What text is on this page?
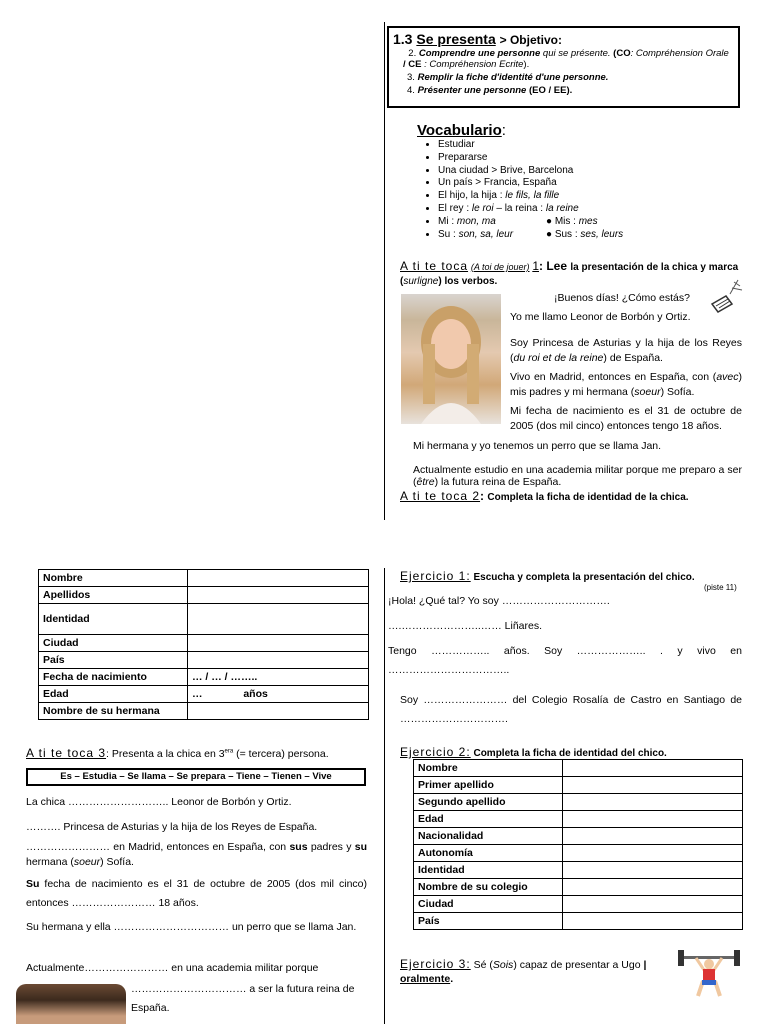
1.3 Se presenta > Objetivo:
2. Comprendre une personne qui se présente. (CO: Compréhension Orale / CE : Compréhension Ecrite).
3. Remplir la fiche d'identité d'une personne.
4. Présenter une personne (EO / EE).
Vocabulario:
• Estudiar
• Prepararse
• Una ciudad > Brive, Barcelona
• Un país > Francia, España
• El hijo, la hija : le fils, la fille
• El rey : le roi – la reina : la reine
• Mi : mon, ma	● Mis : mes
• Su : son, sa, leur	● Sus : ses, leurs
A ti te toca (A toi de jouer) 1: Lee la presentación de la chica y marca (surligne) los verbos.
¡Buenos días! ¿Cómo estás?
Yo me llamo Leonor de Borbón y Ortiz.
Soy Princesa de Asturias y la hija de los Reyes (du roi et de la reine) de España.
Vivo en Madrid, entonces en España, con (avec) mis padres y mi hermana (soeur) Sofía.
Mi fecha de nacimiento es el 31 de octubre de 2005 (dos mil cinco) entonces tengo 18 años.
Mi hermana y yo tenemos un perro que se llama Jan.
Actualmente estudio en una academia militar porque me preparo a ser (être) la futura reina de España.
A ti te toca 2: Completa la ficha de identidad de la chica.
Nombre	
Apellidos	
Identidad	
Ciudad	
País	
Fecha de nacimiento	… / … / ……..
Edad	…              años
Nombre de su hermana	
A ti te toca 3: Presenta a la chica en $3^{era}$ (= tercera) persona.
Es – Estudia – Se llama – Se prepara – Tiene – Tienen – Vive
La chica ……………………….. Leonor de Borbón y Ortiz.
………. Princesa de Asturias y la hija de los Reyes de España.
…………………… en Madrid, entonces en España, con sus padres y su hermana (soeur) Sofía.
Su fecha de nacimiento es el 31 de octubre de 2005 (dos mil cinco) entonces …………………… 18 años.
Su hermana y ella …………………………… un perro que se llama Jan.
Actualmente…………………… en una academia militar porque
…………………………… a ser la futura reina de España.
Ejercicio 1: Escucha y completa la presentación del chico.
(piste 11)
¡Hola! ¿Qué tal? Yo soy ………………………….
….…………………..…… Liñares.
Tengo …………….. años. Soy ……………….. . y vivo en ……………………………..
Soy …………………… del Colegio Rosalía de Castro en Santiago de ………………………….
Ejercicio 2: Completa la ficha de identidad del chico.
Nombre	
Primer apellido	
Segundo apellido	
Edad	
Nacionalidad	
Autonomía	
Identidad	
Nombre de su colegio	
Ciudad	
País	
Ejercicio 3: Sé (Sois) capaz de presentar a Ugo |
oralmente.
